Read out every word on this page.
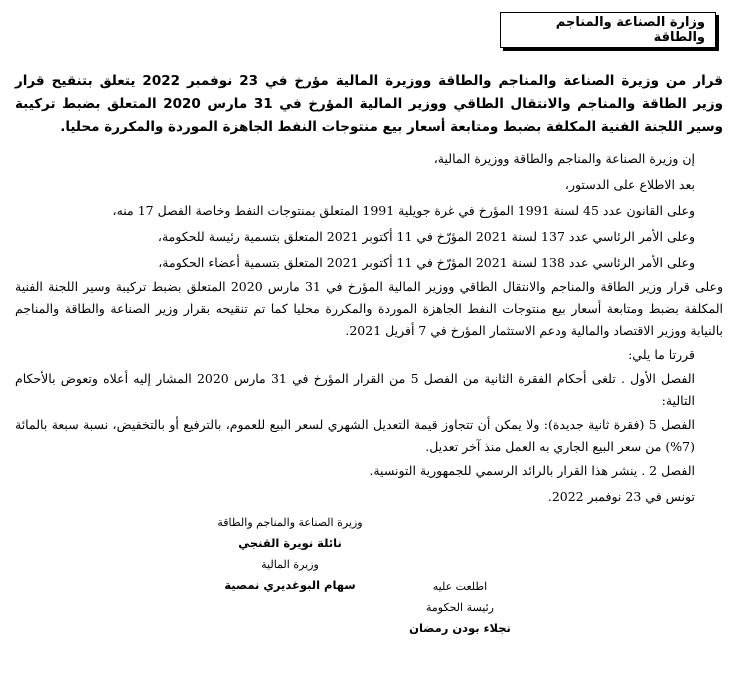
وزارة الصناعة والمناجم والطاقة
قرار من وزيرة الصناعة والمناجم والطاقة ووزيرة المالية مؤرخ في 23 نوفمبر 2022 يتعلق بتنقيح قرار وزير الطاقة والمناجم والانتقال الطاقي ووزير المالية المؤرخ في 31 مارس 2020 المتعلق بضبط تركيبة وسير اللجنة الفنية المكلفة بضبط ومتابعة أسعار بيع منتوجات النفط الجاهزة الموردة والمكررة محليا.
إن وزيرة الصناعة والمناجم والطاقة ووزيرة المالية،
بعد الاطلاع على الدستور،
وعلى القانون عدد 45 لسنة 1991 المؤرخ في غرة جويلية 1991 المتعلق بمنتوجات النفط وخاصة الفصل 17 منه،
وعلى الأمر الرئاسي عدد 137 لسنة 2021 المؤرّخ في 11 أكتوبر 2021 المتعلق بتسمية رئيسة للحكومة،
وعلى الأمر الرئاسي عدد 138 لسنة 2021 المؤرّخ في 11 أكتوبر 2021 المتعلق بتسمية أعضاء الحكومة،
وعلى قرار وزير الطاقة والمناجم والانتقال الطاقي ووزير المالية المؤرخ في 31 مارس 2020 المتعلق بضبط تركيبة وسير اللجنة الفنية المكلفة بضبط ومتابعة أسعار بيع منتوجات النفط الجاهزة الموردة والمكررة محليا كما تم تنقيحه بقرار وزير الصناعة والطاقة والمناجم بالنيابة ووزير الاقتصاد والمالية ودعم الاستثمار المؤرخ في 7 أفريل 2021.
قررتا ما يلي:
الفصل الأول . تلغى أحكام الفقرة الثانية من الفصل 5 من القرار المؤرخ في 31 مارس 2020 المشار إليه أعلاه وتعوض بالأحكام التالية:
الفصل 5 (فقرة ثانية جديدة): ولا يمكن أن تتجاوز قيمة التعديل الشهري لسعر البيع للعموم، بالترفيع أو بالتخفيض، نسبة سبعة بالمائة (7%) من سعر البيع الجاري به العمل منذ آخر تعديل.
الفصل 2 . ينشر هذا القرار بالرائد الرسمي للجمهورية التونسية.
تونس في 23 نوفمبر 2022.
وزيرة الصناعة والمناجم والطاقة
نائلة نويرة القنجي
وزيرة المالية
سهام البوغديري نمصية	اطلعت عليه
رئيسة الحكومة
نجلاء بودن رمضان
